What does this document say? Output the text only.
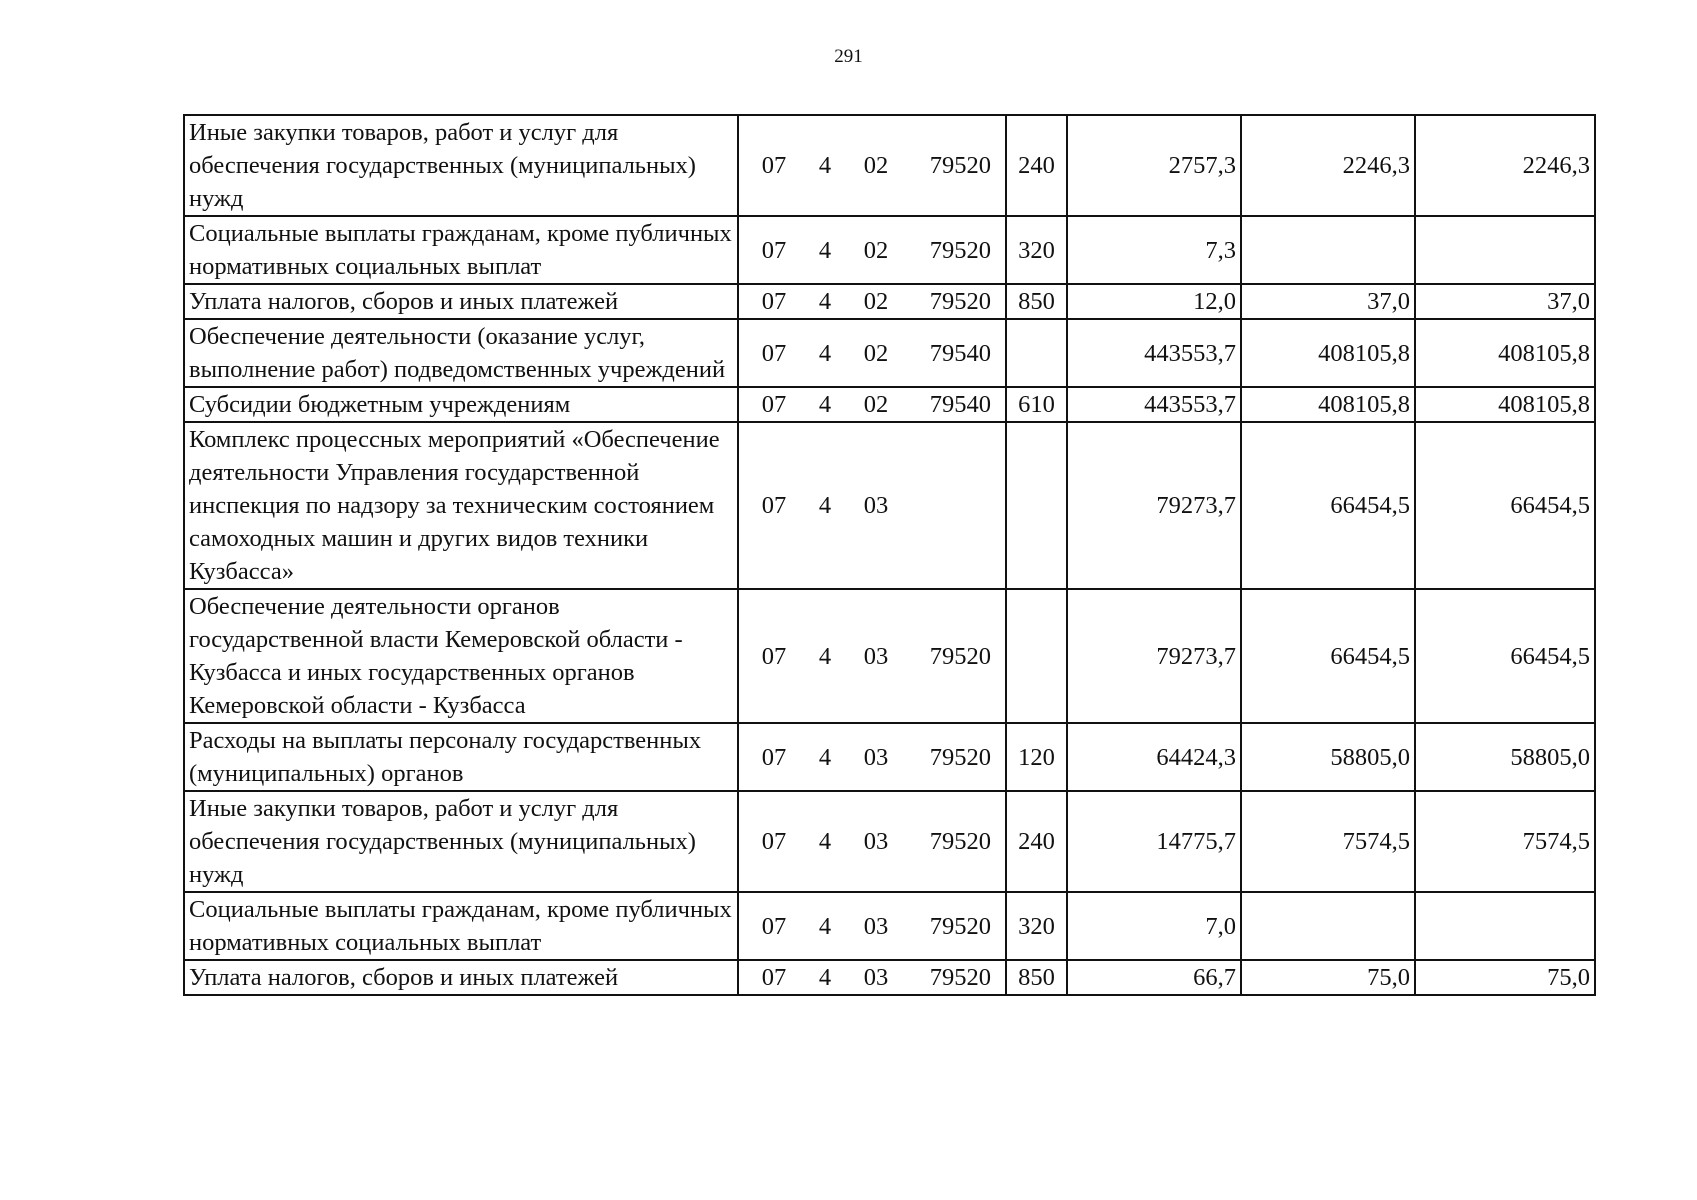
291
Иные закупки товаров, работ и услуг для обеспечения государственных (муниципальных) нужд	07 4 02 79520	240	2757,3	2246,3	2246,3
Социальные выплаты гражданам, кроме публичных нормативных социальных выплат	07 4 02 79520	320	7,3		
Уплата налогов, сборов и иных платежей	07 4 02 79520	850	12,0	37,0	37,0
Обеспечение деятельности (оказание услуг, выполнение работ) подведомственных учреждений	07 4 02 79540		443553,7	408105,8	408105,8
Субсидии бюджетным учреждениям	07 4 02 79540	610	443553,7	408105,8	408105,8
Комплекс процессных мероприятий «Обеспечение деятельности Управления государственной инспекция по надзору за техническим состоянием самоходных машин и других видов техники Кузбасса»	07 4 03		79273,7	66454,5	66454,5
Обеспечение деятельности органов государственной власти Кемеровской области - Кузбасса и иных государственных органов Кемеровской области - Кузбасса	07 4 03 79520		79273,7	66454,5	66454,5
Расходы на выплаты персоналу государственных (муниципальных) органов	07 4 03 79520	120	64424,3	58805,0	58805,0
Иные закупки товаров, работ и услуг для обеспечения государственных (муниципальных) нужд	07 4 03 79520	240	14775,7	7574,5	7574,5
Социальные выплаты гражданам, кроме публичных нормативных социальных выплат	07 4 03 79520	320	7,0		
Уплата налогов, сборов и иных платежей	07 4 03 79520	850	66,7	75,0	75,0
